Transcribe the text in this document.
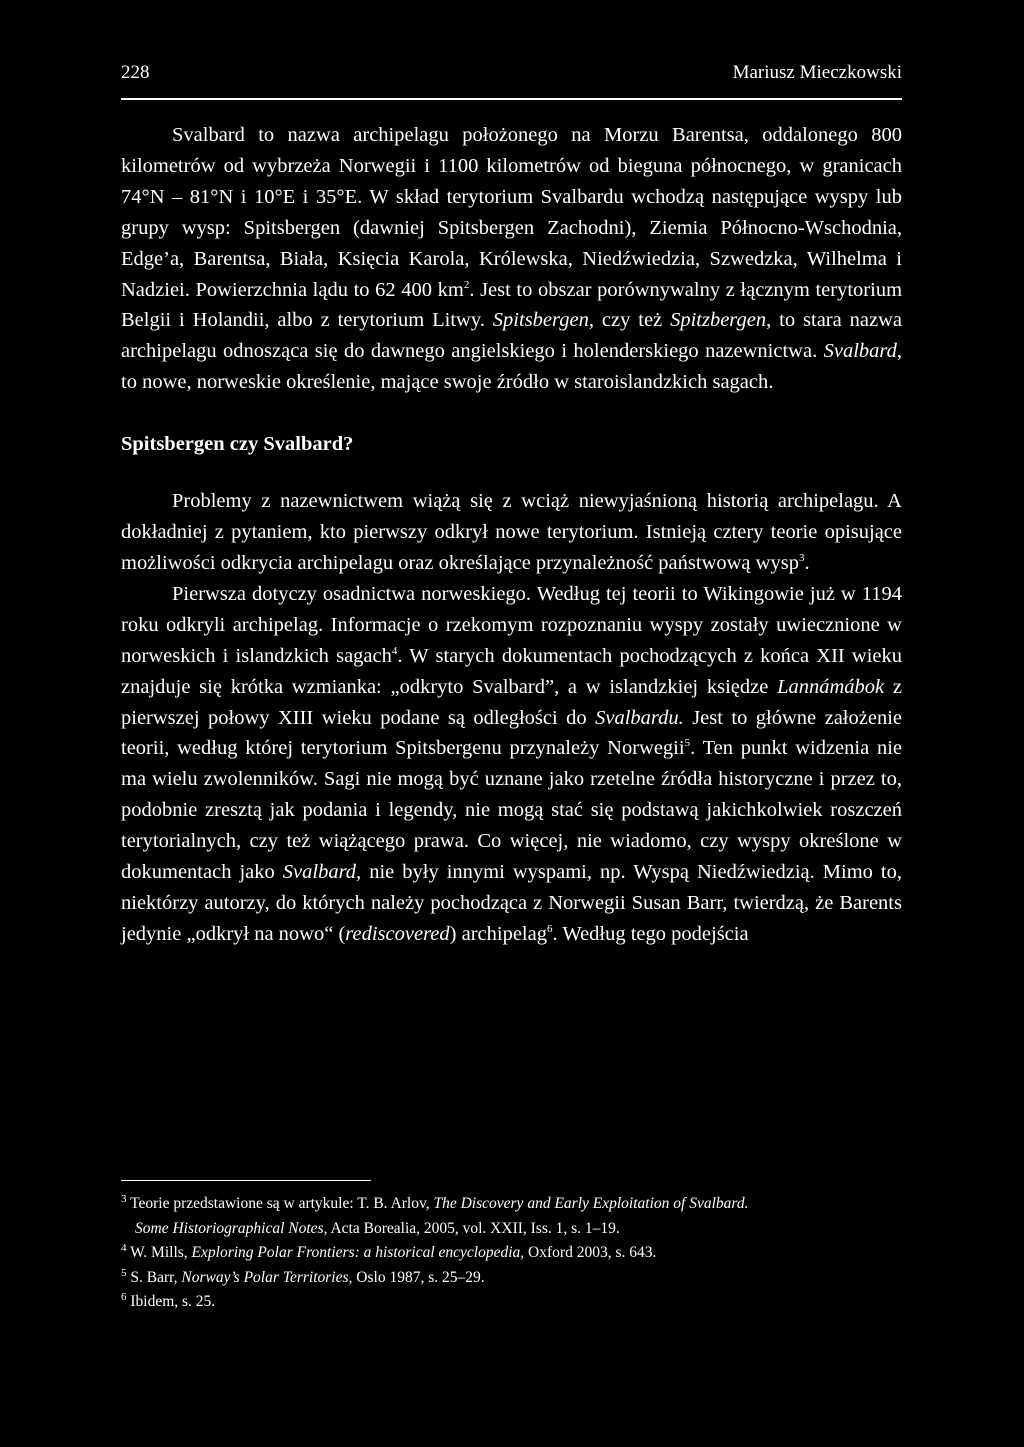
228	Mariusz Mieczkowski

Svalbard to nazwa archipelagu położonego na Morzu Barentsa, oddalonego 800 kilometrów od wybrzeża Norwegii i 1100 kilometrów od bieguna północnego, w granicach 74°N – 81°N i 10°E i 35°E. W skład terytorium Svalbardu wchodzą następujące wyspy lub grupy wysp: Spitsbergen (dawniej Spitsbergen Zachodni), Ziemia Północno-Wschodnia, Edge’a, Barentsa, Biała, Księcia Karola, Królewska, Niedźwiedzia, Szwedzka, Wilhelma i Nadziei. Powierzchnia lądu to 62 400 $km^2$. Jest to obszar porównywalny z łącznym terytorium Belgii i Holandii, albo z terytorium Litwy. Spitsbergen, czy też Spitzbergen, to stara nazwa archipelagu odnosząca się do dawnego angielskiego i holenderskiego nazewnictwa. Svalbard, to nowe, norweskie określenie, mające swoje źródło w staroislandzkich sagach.

Spitsbergen czy Svalbard?

Problemy z nazewnictwem wiążą się z wciąż niewyjaśnioną historią archipelagu. A dokładniej z pytaniem, kto pierwszy odkrył nowe terytorium. Istnieją cztery teorie opisujące możliwości odkrycia archipelagu oraz określające przynależność państwową wysp$^3$.

Pierwsza dotyczy osadnictwa norweskiego. Według tej teorii to Wikingowie już w 1194 roku odkryli archipelag. Informacje o rzekomym rozpoznaniu wyspy zostały uwiecznione w norweskich i islandzkich sagach$^4$. W starych dokumentach pochodzących z końca XII wieku znajduje się krótka wzmianka: „odkryto Svalbard”, a w islandzkiej księdze Lannámábok z pierwszej połowy XIII wieku podane są odległości do Svalbardu. Jest to główne założenie teorii, według której terytorium Spitsbergenu przynależy Norwegii$^5$. Ten punkt widzenia nie ma wielu zwolenników. Sagi nie mogą być uznane jako rzetelne źródła historyczne i przez to, podobnie zresztą jak podania i legendy, nie mogą stać się podstawą jakichkolwiek roszczeń terytorialnych, czy też wiążącego prawa. Co więcej, nie wiadomo, czy wyspy określone w dokumentach jako Svalbard, nie były innymi wyspami, np. Wyspą Niedźwiedzią. Mimo to, niektórzy autorzy, do których należy pochodząca z Norwegii Susan Barr, twierdzą, że Barents jedynie „odkrył na nowo“ (rediscovered) archipelag$^6$. Według tego podejścia

$^3$ Teorie przedstawione są w artykule: T. B. Arlov, The Discovery and Early Exploitation of Svalbard.

Some Historiographical Notes, Acta Borealia, 2005, vol. XXII, Iss. 1, s. 1–19.

$^4$ W. Mills, Exploring Polar Frontiers: a historical encyclopedia, Oxford 2003, s. 643.

$^5$ S. Barr, Norway’s Polar Territories, Oslo 1987, s. 25–29.

$^6$ Ibidem, s. 25.
